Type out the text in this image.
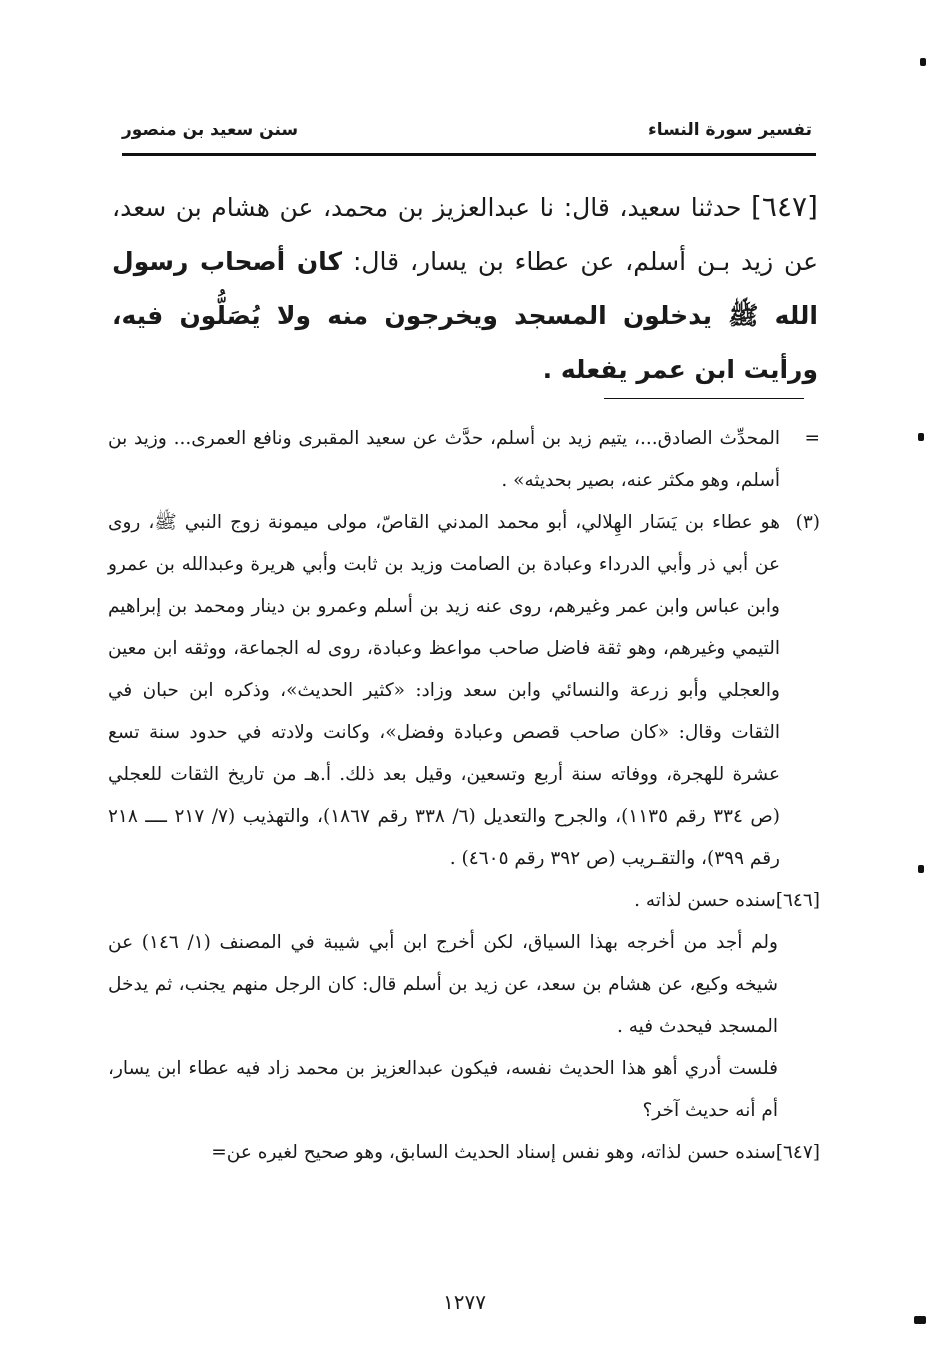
تفسير سورة النساء
سنن سعيد بن منصور
[٦٤٧] حدثنا سعيد، قال: نا عبدالعزيز بن محمد، عن هشام بن سعد، عن زيد بـن أسلم، عن عطاء بن يسار، قال: كان أصحاب رسول الله ﷺ يدخلون المسجد ويخرجون منه ولا يُصَلُّون فيه، ورأيت ابن عمر يفعله .
=
المحدِّث الصادق...، يتيم زيد بن أسلم، حدَّث عن سعيد المقبرى ونافع العمرى... وزيد بن أسلم، وهو مكثر عنه، بصير بحديثه» .
(٣)
هو عطاء بن يَسَار الهِلالي، أبو محمد المدني القاصّ، مولى ميمونة زوج النبي ﷺ، روى عن أبي ذر وأبي الدرداء وعبادة بن الصامت وزيد بن ثابت وأبي هريرة وعبدالله بن عمرو وابن عباس وابن عمر وغيرهم، روى عنه زيد بن أسلم وعمرو بن دينار ومحمد بن إبراهيم التيمي وغيرهم، وهو ثقة فاضل صاحب مواعظ وعبادة، روى له الجماعة، ووثقه ابن معين والعجلي وأبو زرعة والنسائي وابن سعد وزاد: «كثير الحديث»، وذكره ابن حبان في الثقات وقال: «كان صاحب قصص وعبادة وفضل»، وكانت ولادته في حدود سنة تسع عشرة للهجرة، ووفاته سنة أربع وتسعين، وقيل بعد ذلك. أ.هـ من تاريخ الثقات للعجلي (ص ٣٣٤ رقم ١١٣٥)، والجرح والتعديل (٦/ ٣٣٨ رقم ١٨٦٧)، والتهذيب (٧/ ٢١٧ ــــ ٢١٨ رقم ٣٩٩)، والتقـريب (ص ٣٩٢ رقم ٤٦٠٥) .
[٦٤٦]سنده حسن لذاته .
ولم أجد من أخرجه بهذا السياق، لكن أخرج ابن أبي شيبة في المصنف (١/ ١٤٦) عن شيخه وكيع، عن هشام بن سعد، عن زيد بن أسلم قال: كان الرجل منهم يجنب، ثم يدخل المسجد فيحدث فيه .
فلست أدري أهو هذا الحديث نفسه، فيكون عبدالعزيز بن محمد زاد فيه عطاء ابن يسار، أم أنه حديث آخر؟
[٦٤٧]سنده حسن لذاته، وهو نفس إسناد الحديث السابق، وهو صحيح لغيره عن=
١٢٧٧
